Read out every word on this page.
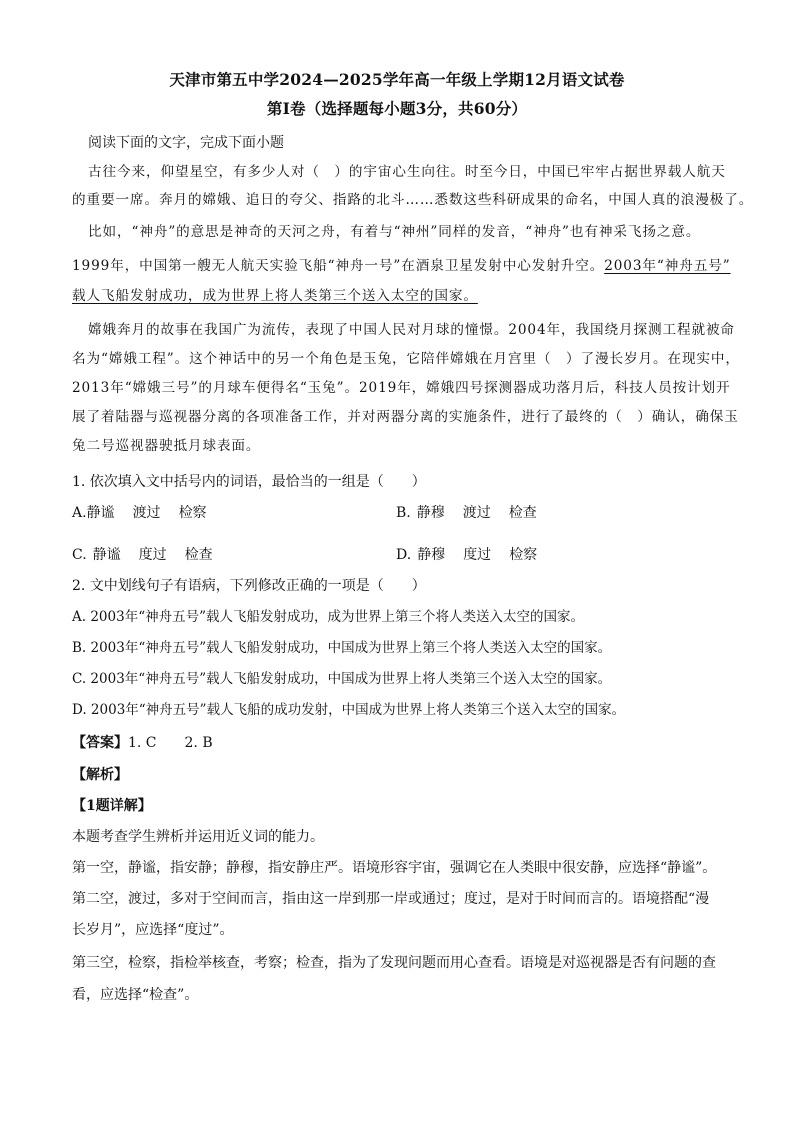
天津市第五中学2024—2025学年高一年级上学期12月语文试卷
第Ⅰ卷（选择题每小题3分，共60分）
阅读下面的文字，完成下面小题
古往今来，仰望星空，有多少人对（　）的宇宙心生向往。时至今日，中国已牢牢占据世界载人航天
的重要一席。奔月的嫦娥、追日的夸父、指路的北斗……悉数这些科研成果的命名，中国人真的浪漫极了。
比如，“神舟”的意思是神奇的天河之舟，有着与“神州”同样的发音，“神舟”也有神采飞扬之意。
1999年，中国第一艘无人航天实验飞船“神舟一号”在酒泉卫星发射中心发射升空。2003年“神舟五号”
载人飞船发射成功，成为世界上将人类第三个送入太空的国家。
嫦娥奔月的故事在我国广为流传，表现了中国人民对月球的憧憬。2004年，我国绕月探测工程就被命
名为“嫦娥工程”。这个神话中的另一个角色是玉兔，它陪伴嫦娥在月宫里（　）了漫长岁月。在现实中，
2013年“嫦娥三号”的月球车便得名“玉兔”。2019年，嫦娥四号探测器成功落月后，科技人员按计划开
展了着陆器与巡视器分离的各项准备工作，并对两器分离的实施条件，进行了最终的（　）确认，确保玉
兔二号巡视器驶抵月球表面。
1. 依次填入文中括号内的词语，最恰当的一组是（　　）
A.静谧 渡过 检察	B. 静穆 渡过 检查
C. 静谧 度过 检查	D. 静穆 度过 检察
2. 文中划线句子有语病，下列修改正确的一项是（　　）
A. 2003年“神舟五号”载人飞船发射成功，成为世界上第三个将人类送入太空的国家。
B. 2003年“神舟五号”载人飞船发射成功，中国成为世界上第三个将人类送入太空的国家。
C. 2003年“神舟五号”载人飞船发射成功，中国成为世界上将人类第三个送入太空的国家。
D. 2003年“神舟五号”载人飞船的成功发射，中国成为世界上将人类第三个送入太空的国家。
【答案】1. C　　2. B
【解析】
【1题详解】
本题考查学生辨析并运用近义词的能力。
第一空，静谧，指安静；静穆，指安静庄严。语境形容宇宙，强调它在人类眼中很安静，应选择“静谧”。
第二空，渡过，多对于空间而言，指由这一岸到那一岸或通过；度过，是对于时间而言的。语境搭配“漫
长岁月”，应选择“度过”。
第三空，检察，指检举核查，考察；检查，指为了发现问题而用心查看。语境是对巡视器是否有问题的查
看，应选择“检查”。
